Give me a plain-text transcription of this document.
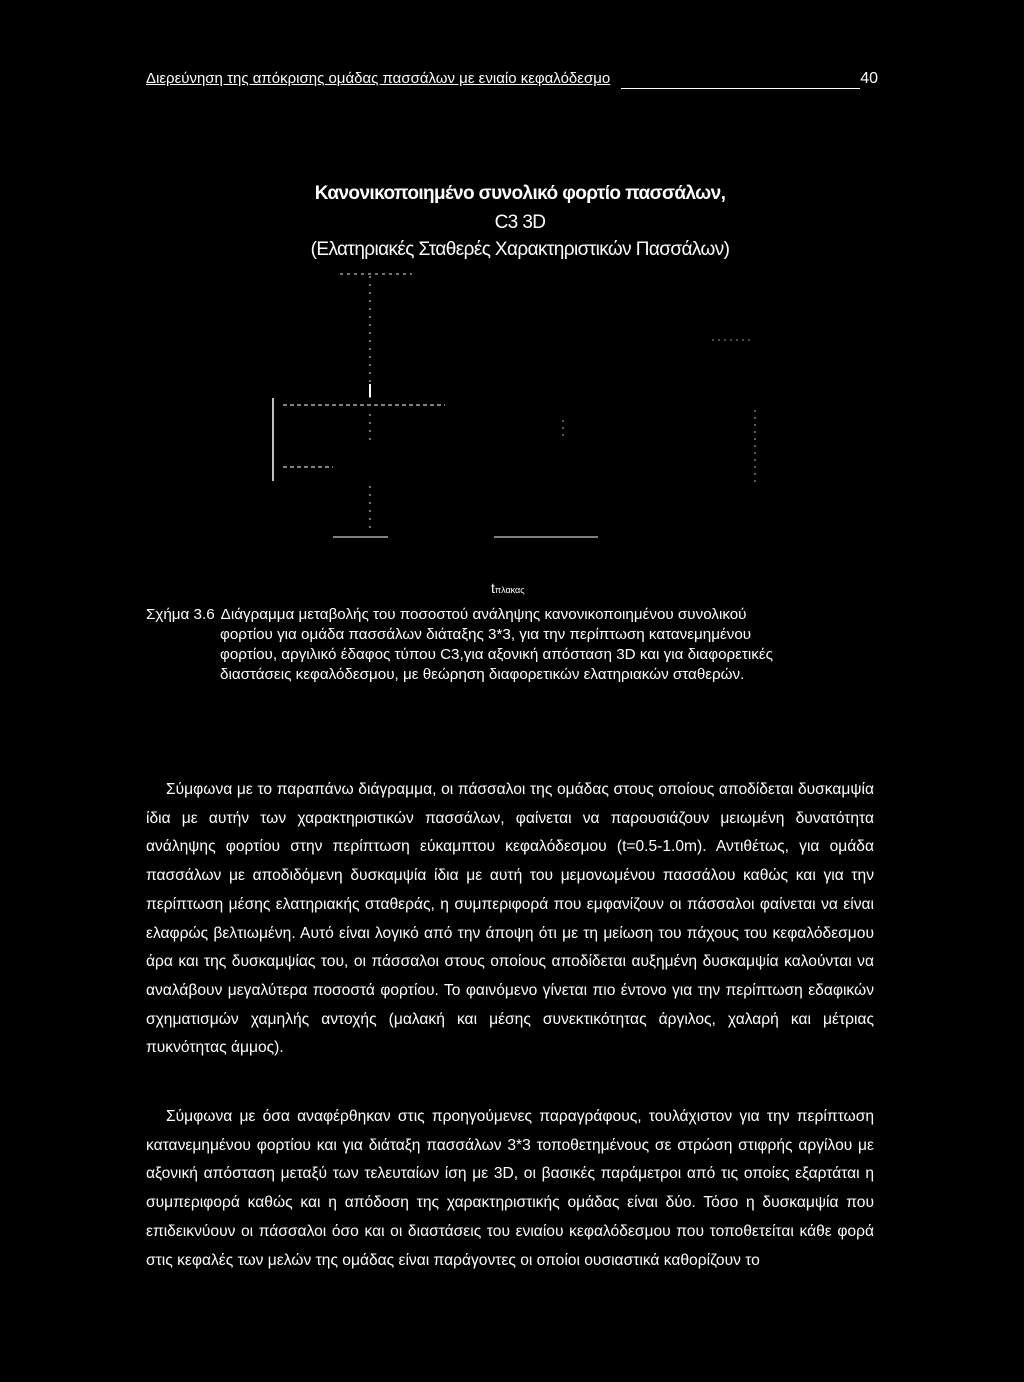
Διερεύνηση της απόκρισης ομάδας πασσάλων με ενιαίο κεφαλόδεσμο	40
Κανονικοποιημένο συνολικό φορτίο πασσάλων,
C3 3D
(Ελατηριακές Σταθερές Χαρακτηριστικών Πασσάλων)
tπλακας
Σχήμα 3.6 Διάγραμμα μεταβολής του ποσοστού ανάληψης κανονικοποιημένου συνολικού
φορτίου για ομάδα πασσάλων διάταξης 3*3, για την περίπτωση κατανεμημένου
φορτίου, αργιλικό έδαφος τύπου C3,για αξονική απόσταση 3D και για διαφορετικές
διαστάσεις κεφαλόδεσμου, με θεώρηση διαφορετικών ελατηριακών σταθερών.

Σύμφωνα με το παραπάνω διάγραμμα, οι πάσσαλοι της ομάδας στους οποίους αποδίδεται δυσκαμψία ίδια με αυτήν των χαρακτηριστικών πασσάλων, φαίνεται να παρουσιάζουν μειωμένη δυνατότητα ανάληψης φορτίου στην περίπτωση εύκαμπτου κεφαλόδεσμου (t=0.5-1.0m). Αντιθέτως, για ομάδα πασσάλων με αποδιδόμενη δυσκαμψία ίδια με αυτή του μεμονωμένου πασσάλου καθώς και για την περίπτωση μέσης ελατηριακής σταθεράς, η συμπεριφορά που εμφανίζουν οι πάσσαλοι φαίνεται να είναι ελαφρώς βελτιωμένη. Αυτό είναι λογικό από την άποψη ότι με τη μείωση του πάχους του κεφαλόδεσμου άρα και της δυσκαμψίας του, οι πάσσαλοι στους οποίους αποδίδεται αυξημένη δυσκαμψία καλούνται να αναλάβουν μεγαλύτερα ποσοστά φορτίου. Το φαινόμενο γίνεται πιο έντονο για την περίπτωση εδαφικών σχηματισμών χαμηλής αντοχής (μαλακή και μέσης συνεκτικότητας άργιλος, χαλαρή και μέτριας πυκνότητας άμμος).

Σύμφωνα με όσα αναφέρθηκαν στις προηγούμενες παραγράφους, τουλάχιστον για την περίπτωση κατανεμημένου φορτίου και για διάταξη πασσάλων 3*3 τοποθετημένους σε στρώση στιφρής αργίλου με αξονική απόσταση μεταξύ των τελευταίων ίση με 3D, οι βασικές παράμετροι από τις οποίες εξαρτάται η συμπεριφορά καθώς και η απόδοση της χαρακτηριστικής ομάδας είναι δύο. Τόσο η δυσκαμψία που επιδεικνύουν οι πάσσαλοι όσο και οι διαστάσεις του ενιαίου κεφαλόδεσμου που τοποθετείται κάθε φορά στις κεφαλές των μελών της ομάδας είναι παράγοντες οι οποίοι ουσιαστικά καθορίζουν το
